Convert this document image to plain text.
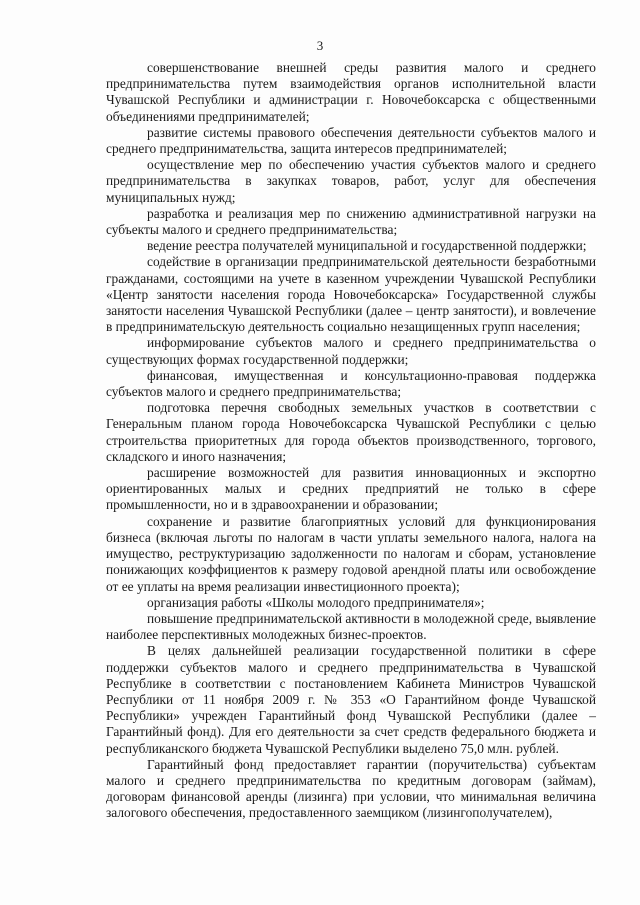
3

совершенствование внешней среды развития малого и среднего предпринимательства путем взаимодействия органов исполнительной власти Чувашской Республики и администрации г. Новочебоксарска с общественными объединениями предпринимателей;

развитие системы правового обеспечения деятельности субъектов малого и среднего предпринимательства, защита интересов предпринимателей;

осуществление мер по обеспечению участия субъектов малого и среднего предпринимательства в закупках товаров, работ, услуг для обеспечения муниципальных нужд;

разработка и реализация мер по снижению административной нагрузки на субъекты малого и среднего предпринимательства;

ведение реестра получателей муниципальной и государственной поддержки;

содействие в организации предпринимательской деятельности безработными гражданами, состоящими на учете в казенном учреждении Чувашской Республики «Центр занятости населения города Новочебоксарска» Государственной службы занятости населения Чувашской Республики (далее – центр занятости), и вовлечение в предпринимательскую деятельность социально незащищенных групп населения;

информирование субъектов малого и среднего предпринимательства о существующих формах государственной поддержки;

финансовая, имущественная и консультационно-правовая поддержка субъектов малого и среднего предпринимательства;

подготовка перечня свободных земельных участков в соответствии с Генеральным планом города Новочебоксарска Чувашской Республики с целью строительства приоритетных для города объектов производственного, торгового, складского и иного назначения;

расширение возможностей для развития инновационных и экспортно ориентированных малых и средних предприятий не только в сфере промышленности, но и в здравоохранении и образовании;

сохранение и развитие благоприятных условий для функционирования бизнеса (включая льготы по налогам в части уплаты земельного налога, налога на имущество, реструктуризацию задолженности по налогам и сборам, установление понижающих коэффициентов к размеру годовой арендной платы или освобождение от ее уплаты на время реализации инвестиционного проекта);

организация работы «Школы молодого предпринимателя»;

повышение предпринимательской активности в молодежной среде, выявление наиболее перспективных молодежных бизнес-проектов.

В целях дальнейшей реализации государственной политики в сфере поддержки субъектов малого и среднего предпринимательства в Чувашской Республике в соответствии с постановлением Кабинета Министров Чувашской Республики от 11 ноября 2009 г. № 353 «О Гарантийном фонде Чувашской Республики» учрежден Гарантийный фонд Чувашской Республики (далее – Гарантийный фонд). Для его деятельности за счет средств федерального бюджета и республиканского бюджета Чувашской Республики выделено 75,0 млн. рублей.

Гарантийный фонд предоставляет гарантии (поручительства) субъектам малого и среднего предпринимательства по кредитным договорам (займам), договорам финансовой аренды (лизинга) при условии, что минимальная величина залогового обеспечения, предоставленного заемщиком (лизингополучателем),
